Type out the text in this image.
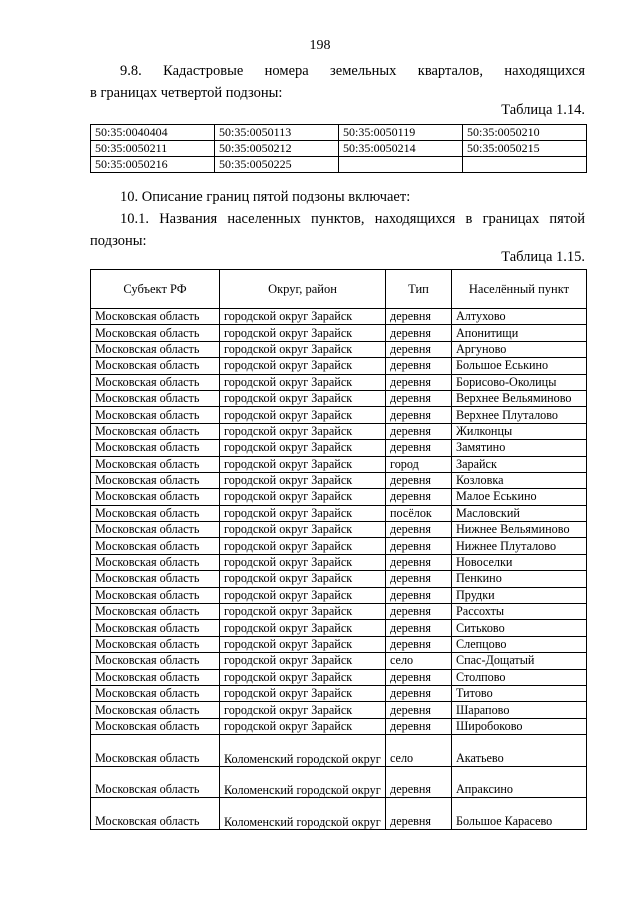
198

9.8. Кадастровые номера земельных кварталов, находящихся

в границах четвертой подзоны:

Таблица 1.14.
50:35:0040404	50:35:0050113	50:35:0050119	50:35:0050210
50:35:0050211	50:35:0050212	50:35:0050214	50:35:0050215
50:35:0050216	50:35:0050225		

10. Описание границ пятой подзоны включает:

10.1. Названия населенных пунктов, находящихся в границах пятой

подзоны:

Таблица 1.15.
Субъект РФ	Округ, район	Тип	Населённый пункт
Московская область	городской округ Зарайск	деревня	Алтухово
Московская область	городской округ Зарайск	деревня	Апонитищи
Московская область	городской округ Зарайск	деревня	Аргуново
Московская область	городской округ Зарайск	деревня	Большое Еськино
Московская область	городской округ Зарайск	деревня	Борисово-Околицы
Московская область	городской округ Зарайск	деревня	Верхнее Вельяминово
Московская область	городской округ Зарайск	деревня	Верхнее Плуталово
Московская область	городской округ Зарайск	деревня	Жилконцы
Московская область	городской округ Зарайск	деревня	Замятино
Московская область	городской округ Зарайск	город	Зарайск
Московская область	городской округ Зарайск	деревня	Козловка
Московская область	городской округ Зарайск	деревня	Малое Еськино
Московская область	городской округ Зарайск	посёлок	Масловский
Московская область	городской округ Зарайск	деревня	Нижнее Вельяминово
Московская область	городской округ Зарайск	деревня	Нижнее Плуталово
Московская область	городской округ Зарайск	деревня	Новоселки
Московская область	городской округ Зарайск	деревня	Пенкино
Московская область	городской округ Зарайск	деревня	Прудки
Московская область	городской округ Зарайск	деревня	Рассохты
Московская область	городской округ Зарайск	деревня	Ситьково
Московская область	городской округ Зарайск	деревня	Слепцово
Московская область	городской округ Зарайск	село	Спас-Дощатый
Московская область	городской округ Зарайск	деревня	Столпово
Московская область	городской округ Зарайск	деревня	Титово
Московская область	городской округ Зарайск	деревня	Шарапово
Московская область	городской округ Зарайск	деревня	Широбоково
Московская область	Коломенский городской округ	село	Акатьево
Московская область	Коломенский городской округ	деревня	Апраксино
Московская область	Коломенский городской округ	деревня	Большое Карасево
